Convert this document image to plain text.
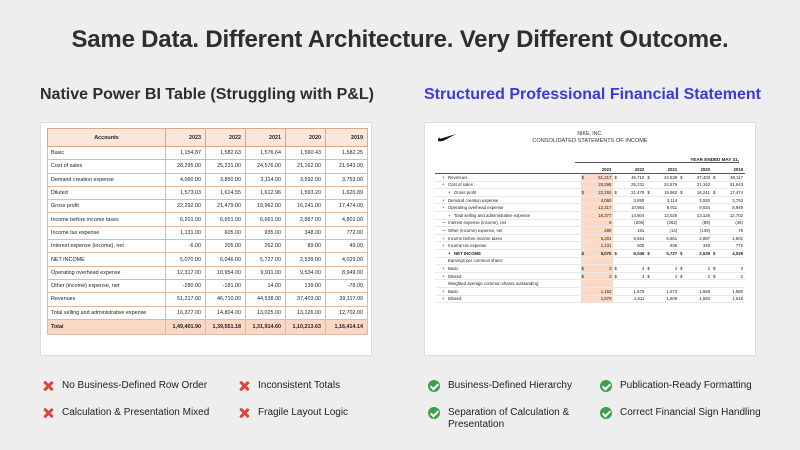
Same Data. Different Architecture. Very Different Outcome.
Native Power BI Table (Struggling with P&L)	Structured Professional Financial Statement
Accounts	2023	2022	2021	2020	2019
Basic	1,154.87	1,582.63	1,576.64	1,560.43	1,582.25
Cost of sales	28,295.00	25,231.00	24,576.00	21,162.00	21,643.00
Demand creation expense	4,060.00	3,850.00	3,114.00	3,592.00	3,753.00
Diluted	1,573.03	1,614.55	1,612.96	1,593.20	1,620.89
Gross profit	22,292.00	21,479.00	19,962.00	16,241.00	17,474.00
Income before income taxes	6,201.00	6,651.00	6,661.00	2,887.00	4,801.00
Income tax expense	1,131.00	605.00	935.00	348.00	772.00
Interest expense (income), net	-6.00	205.00	262.00	89.00	49.00
NET INCOME	5,070.00	6,046.00	5,727.00	2,539.00	4,029.00
Operating overhead expense	12,317.00	10,954.00	9,911.00	9,534.00	8,949.00
Other (income) expense, net	-280.00	-181.00	14.00	139.00	-78.00
Revenues	51,217.00	46,710.00	44,538.00	37,403.00	39,117.00
Total selling and administrative expense	16,377.00	14,804.00	13,025.00	13,126.00	12,702.00
Total	1,49,401.90	1,39,551.18	1,31,914.60	1,10,213.63	1,16,414.14
NIKE, INC.
CONSOLIDATED STATEMENTS OF INCOME
YEAR ENDED MAY 31,
		2023		2022		2021		2020		2019
+ Revenues	$	51,217	$	46,710	$	44,538	$	37,403	$	39,117
+ Cost of sales		28,295		25,231		24,576		21,162		21,643
+ Gross profit	$	22,292	$	21,479	$	19,962	$	16,241	$	17,474
+ Demand creation expense		4,060		3,850		3,114		3,592		3,753
+ Operating overhead expense		12,317		10,954		9,911		9,534		8,949
+ Total selling and administrative expense		16,377		14,804		13,025		13,126		12,702
— Interest expense (income), net		6		(205)		(262)		(89)		(49)
— Other (income) expense, net		280		181		(14)		(139)		78
+ Income before income taxes		6,201		6,651		6,661		2,887		4,801
+ Income tax expense		1,131		605		935		348		772
+ NET INCOME	$	5,070	$	6,046	$	5,727	$	2,539	$	4,029
Earnings per common share:										
+ Basic	$	3	$	4	$	4	$	2	$	3
+ Diluted	$	3	$	4	$	4	$	2	$	2
Weighted average common shares outstanding:										
+ Basic		1,152		1,579		1,573		1,559		1,580
+ Diluted		1,570		1,611		1,609		1,592		1,618
No Business-Defined Row Order	Inconsistent Totals
Calculation & Presentation Mixed	Fragile Layout Logic
Business-Defined Hierarchy	Publication-Ready Formatting
Separation of Calculation & Presentation
Correct Financial Sign Handling
